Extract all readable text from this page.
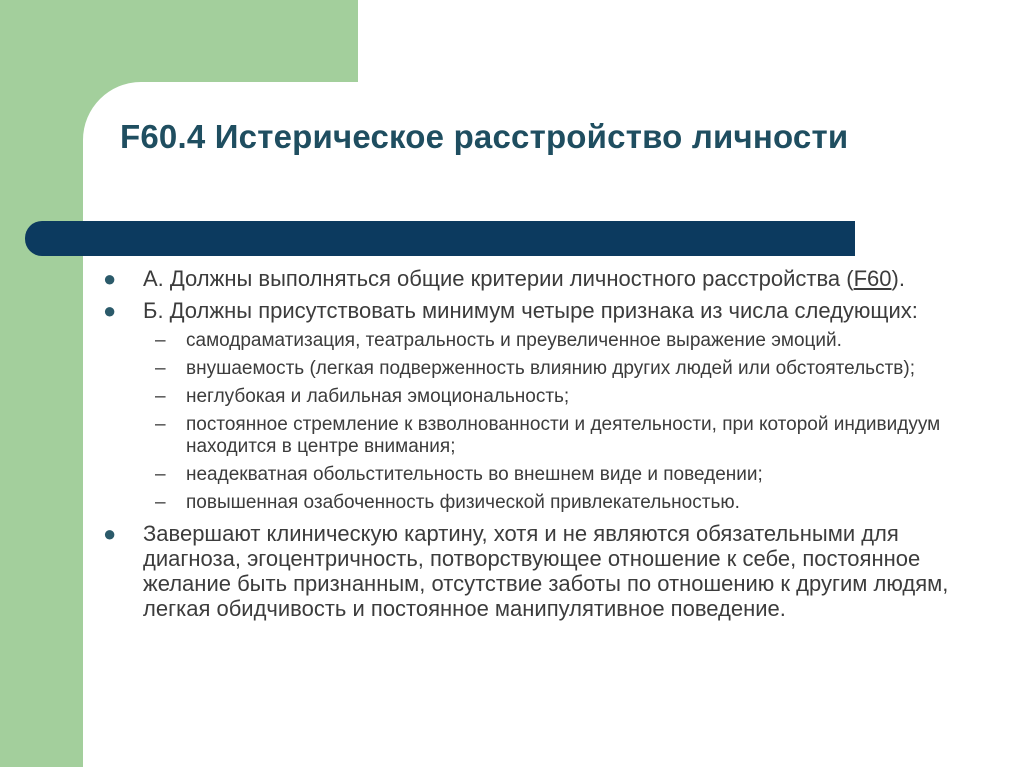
F60.4 Истерическое расстройство личности
● А. Должны выполняться общие критерии личностного расстройства (F60).
● Б. Должны присутствовать минимум четыре признака из числа следующих:
– самодраматизация, театральность и преувеличенное выражение эмоций.
– внушаемость (легкая подверженность влиянию других людей или обстоятельств);
– неглубокая и лабильная эмоциональность;
– постоянное стремление к взволнованности и деятельности, при которой индивидуум находится в центре внимания;
– неадекватная обольстительность во внешнем виде и поведении;
– повышенная озабоченность физической привлекательностью.
● Завершают клиническую картину, хотя и не являются обязательными для диагноза, эгоцентричность, потворствующее отношение к себе, постоянное желание быть признанным, отсутствие заботы по отношению к другим людям, легкая обидчивость и постоянное манипулятивное поведение.
